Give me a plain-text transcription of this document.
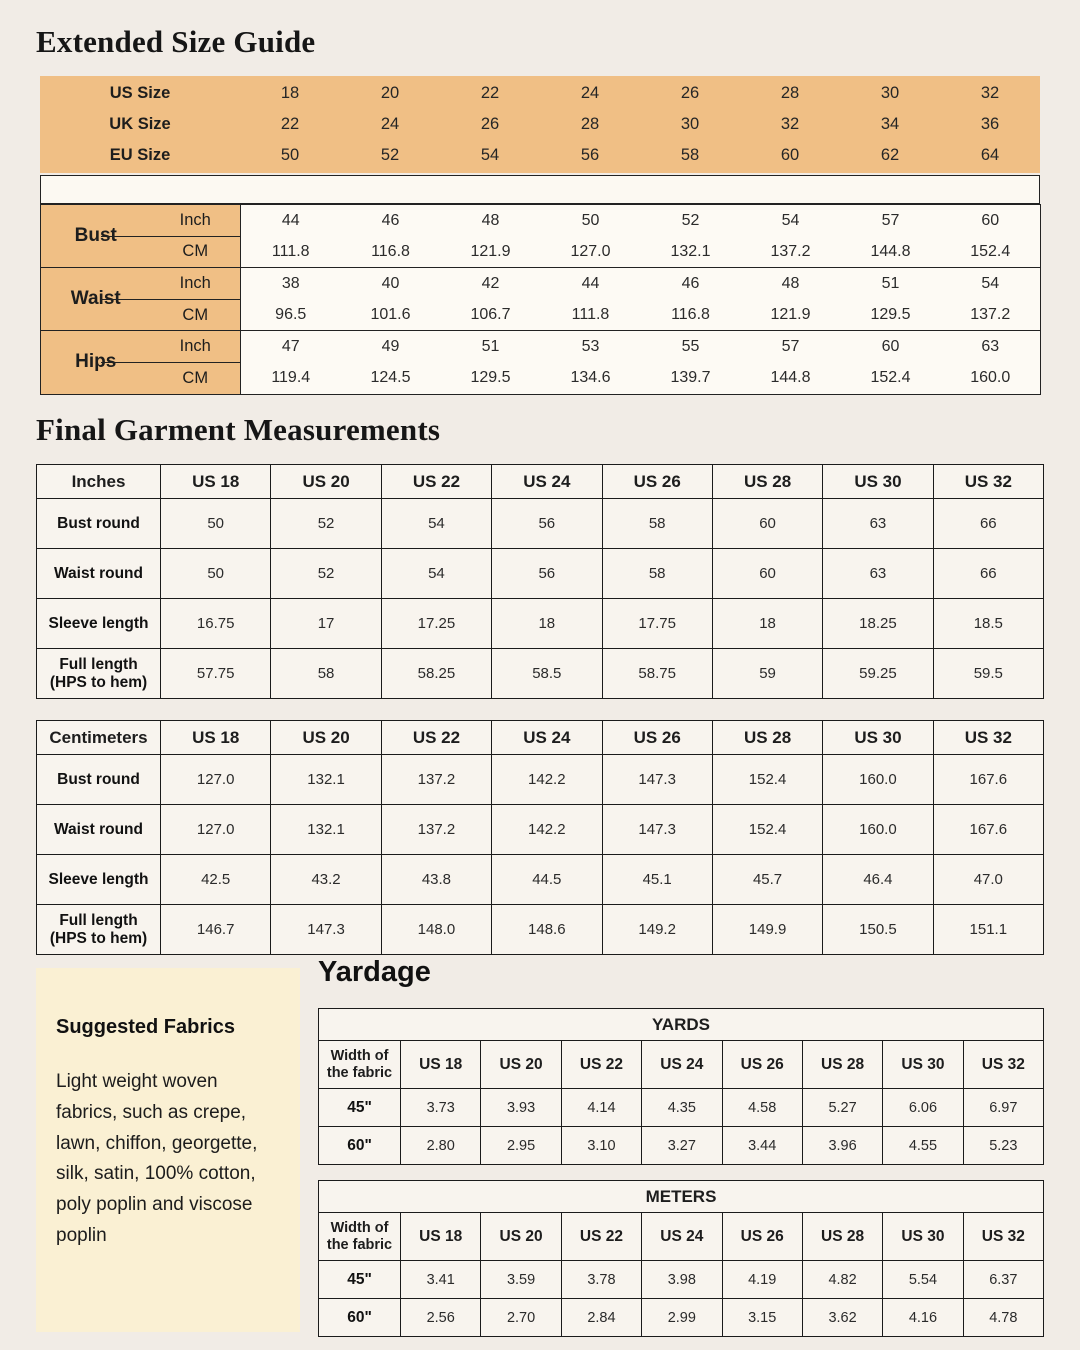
Extended Size Guide
US Size	18	20	22	24	26	28	30	32
UK Size	22	24	26	28	30	32	34	36
EU Size	50	52	54	56	58	60	62	64
Bust	Inch	44	46	48	50	52	54	57	60
	CM	111.8	116.8	121.9	127.0	132.1	137.2	144.8	152.4
Waist	Inch	38	40	42	44	46	48	51	54
	CM	96.5	101.6	106.7	111.8	116.8	121.9	129.5	137.2
Hips	Inch	47	49	51	53	55	57	60	63
	CM	119.4	124.5	129.5	134.6	139.7	144.8	152.4	160.0
Final Garment Measurements
Inches	US 18	US 20	US 22	US 24	US 26	US 28	US 30	US 32
Bust round	50	52	54	56	58	60	63	66
Waist round	50	52	54	56	58	60	63	66
Sleeve length	16.75	17	17.25	18	17.75	18	18.25	18.5
Full length (HPS to hem)	57.75	58	58.25	58.5	58.75	59	59.25	59.5
Centimeters	US 18	US 20	US 22	US 24	US 26	US 28	US 30	US 32
Bust round	127.0	132.1	137.2	142.2	147.3	152.4	160.0	167.6
Waist round	127.0	132.1	137.2	142.2	147.3	152.4	160.0	167.6
Sleeve length	42.5	43.2	43.8	44.5	45.1	45.7	46.4	47.0
Full length (HPS to hem)	146.7	147.3	148.0	148.6	149.2	149.9	150.5	151.1
Suggested Fabrics

Light weight woven fabrics, such as crepe, lawn, chiffon, georgette, silk, satin, 100% cotton, poly poplin and viscose poplin

Yardage
YARDS								
Width of the fabric	US 18	US 20	US 22	US 24	US 26	US 28	US 30	US 32
45"	3.73	3.93	4.14	4.35	4.58	5.27	6.06	6.97
60"	2.80	2.95	3.10	3.27	3.44	3.96	4.55	5.23
METERS								
Width of the fabric	US 18	US 20	US 22	US 24	US 26	US 28	US 30	US 32
45"	3.41	3.59	3.78	3.98	4.19	4.82	5.54	6.37
60"	2.56	2.70	2.84	2.99	3.15	3.62	4.16	4.78
